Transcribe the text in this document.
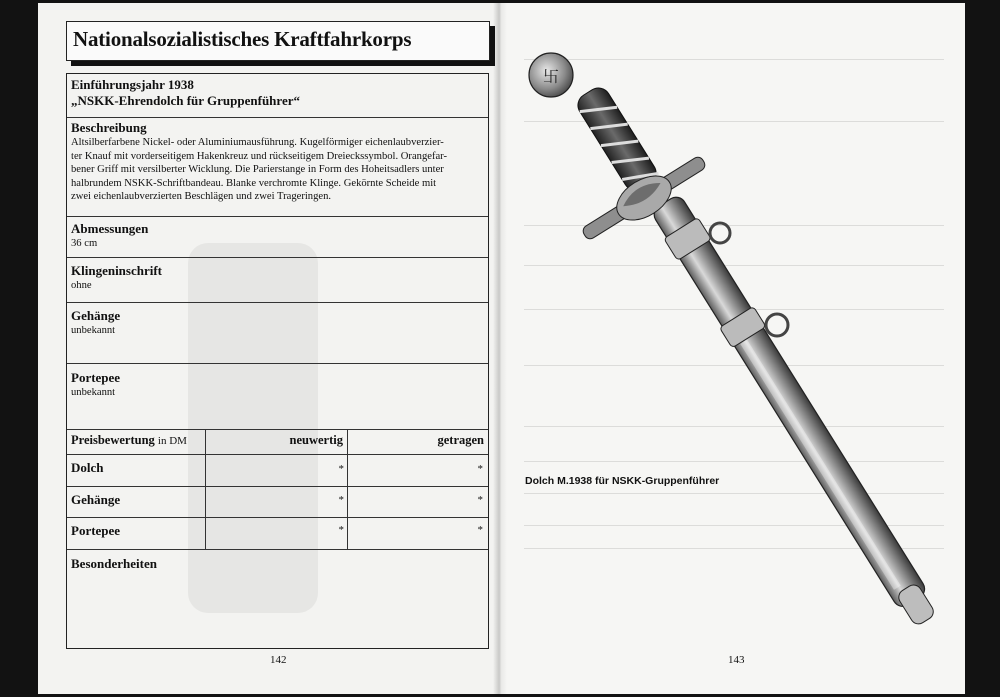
Nationalsozialistisches Kraftfahrkorps
Einführungsjahr 1938
„NSKK-Ehrendolch für Gruppenführer“
Beschreibung
Altsilberfarbene Nickel- oder Aluminiumausführung. Kugelförmiger eichenlaubverzier-
ter Knauf mit vorderseitigem Hakenkreuz und rückseitigem Dreieckssymbol. Orangefar-
bener Griff mit versilberter Wicklung. Die Parierstange in Form des Hoheitsadlers unter
halbrundem NSKK-Schriftbandeau. Blanke verchromte Klinge. Gekörnte Scheide mit
zwei eichenlaubverzierten Beschlägen und zwei Trageringen.
Abmessungen
36 cm
Klingeninschrift
ohne
Gehänge
unbekannt
Portepee
unbekannt
Preisbewertung in DM	neuwertig	getragen
Dolch	*	*
Gehänge	*	*
Portepee	*	*
Besonderheiten
142
卐
Dolch M.1938 für NSKK-Gruppenführer
143
